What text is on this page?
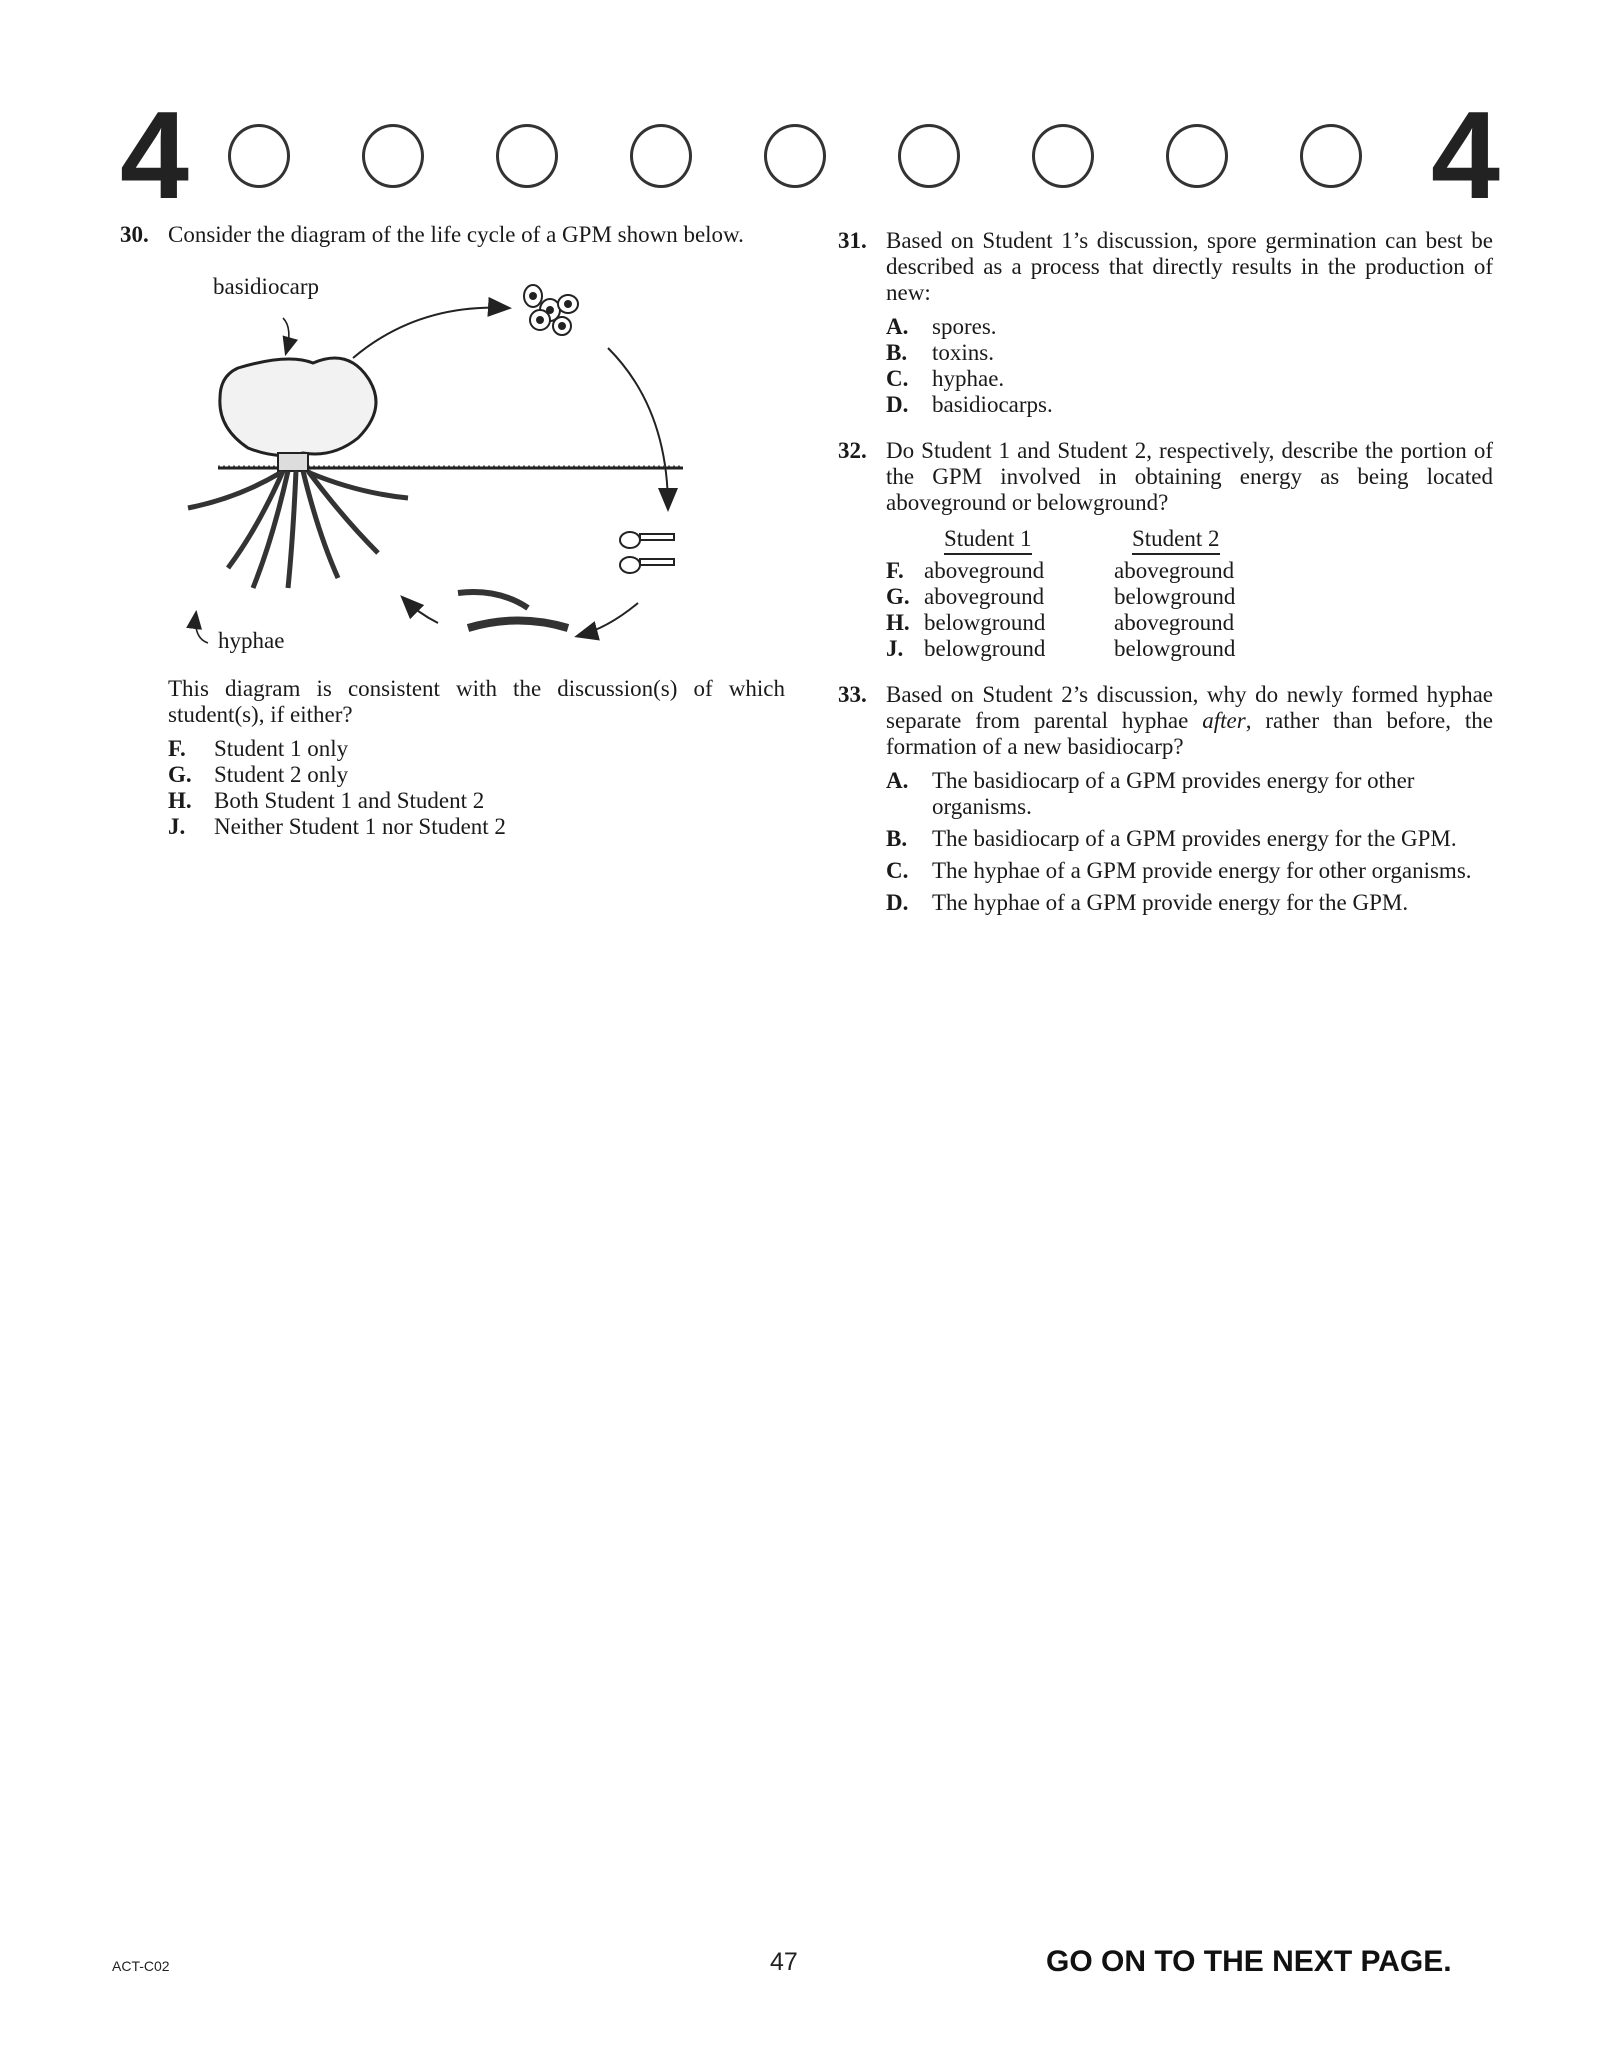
4	4
30. Consider the diagram of the life cycle of a GPM shown below.
basidiocarp
hyphae
This diagram is consistent with the discussion(s) of which student(s), if either?
F. Student 1 only
G. Student 2 only
H. Both Student 1 and Student 2
J. Neither Student 1 nor Student 2
31. Based on Student 1’s discussion, spore germination can best be described as a process that directly results in the production of new:
A. spores.
B. toxins.
C. hyphae.
D. basidiocarps.
32. Do Student 1 and Student 2, respectively, describe the portion of the GPM involved in obtaining energy as being located aboveground or belowground?
Student 1	Student 2
F. aboveground	aboveground
G. aboveground	belowground
H. belowground	aboveground
J. belowground	belowground
33. Based on Student 2’s discussion, why do newly formed hyphae separate from parental hyphae after, rather than before, the formation of a new basidiocarp?
A. The basidiocarp of a GPM provides energy for other organisms.
B. The basidiocarp of a GPM provides energy for the GPM.
C. The hyphae of a GPM provide energy for other organisms.
D. The hyphae of a GPM provide energy for the GPM.
ACT-C02	47	GO ON TO THE NEXT PAGE.
